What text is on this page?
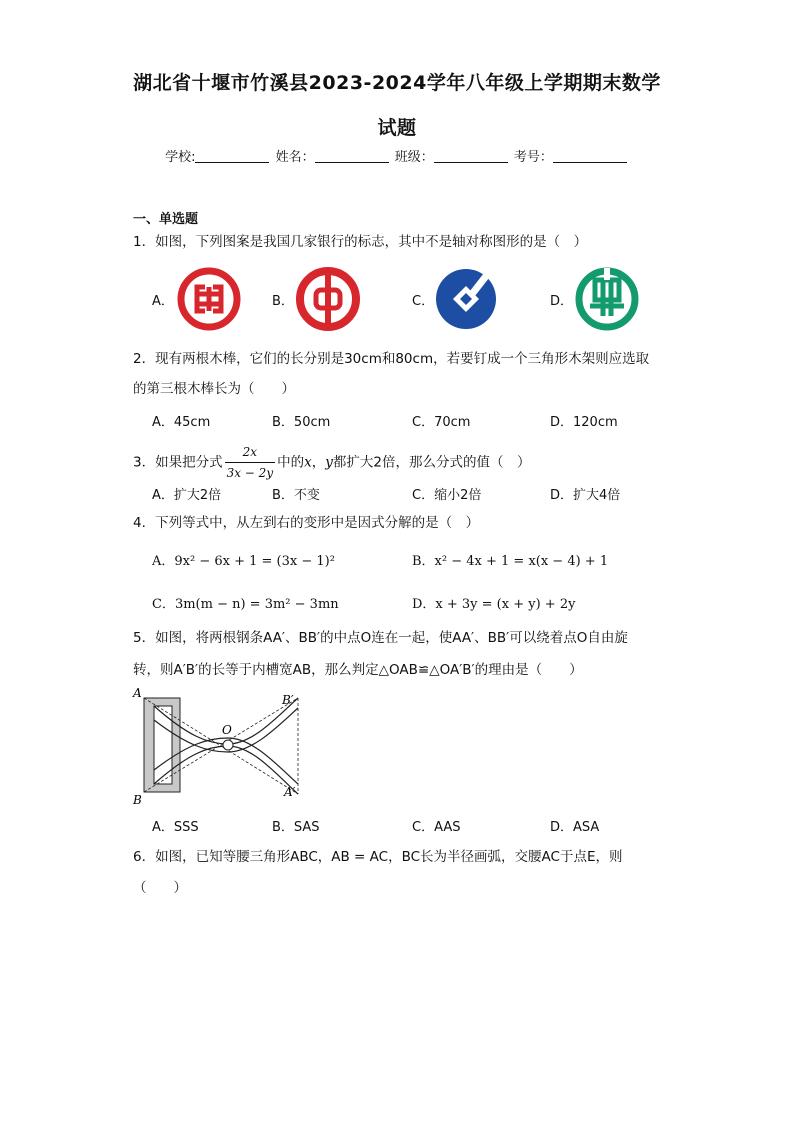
湖北省十堰市竹溪县2023-2024学年八年级上学期期末数学
试题
学校:	姓名：	班级：	考号：
一、单选题
1．如图，下列图案是我国几家银行的标志，其中不是轴对称图形的是（　）
A．	B．	C．	D．
2．现有两根木棒，它们的长分别是30cm和80cm，若要钉成一个三角形木架则应选取
的第三根木棒长为（　　）
A．45cm	B．50cm	C．70cm	D．120cm
3．如果把分式 $\frac{2x}{3x - 2y}$ 中的x，y都扩大2倍，那么分式的值（　）
A．扩大2倍	B．不变	C．缩小2倍	D．扩大4倍
4．下列等式中，从左到右的变形中是因式分解的是（　）
A．9x² − 6x + 1 = (3x − 1)²	B．x² − 4x + 1 = x(x − 4) + 1
C．3m(m − n) = 3m² − 3mn	D．x + 3y = (x + y) + 2y
5．如图，将两根钢条AA′、BB′的中点O连在一起，使AA′、BB′可以绕着点O自由旋
转，则A′B′的长等于内槽宽AB，那么判定△OAB≌△OA′B′的理由是（　　）
A
B
O
B′
A′
A．SSS	B．SAS	C．AAS	D．ASA
6．如图，已知等腰三角形ABC，AB = AC，BC长为半径画弧，交腰AC于点E，则
（　　）
